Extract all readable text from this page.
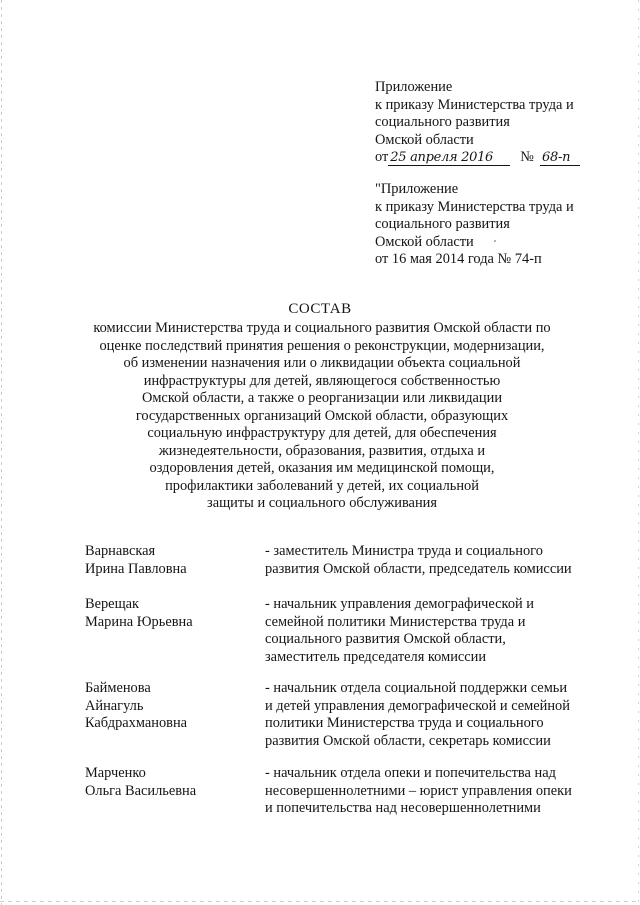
Приложение
к приказу Министерства труда и
социального развития
Омской области
от 25 апреля 2016 № 68-п
"Приложение
к приказу Министерства труда и
социального развития
Омской области
от 16 мая 2014 года № 74-п
СОСТАВ
комиссии Министерства труда и социального развития Омской области по
оценке последствий принятия решения о реконструкции, модернизации,
об изменении назначения или о ликвидации объекта социальной
инфраструктуры для детей, являющегося собственностью
Омской области, а также о реорганизации или ликвидации
государственных организаций Омской области, образующих
социальную инфраструктуру для детей, для обеспечения
жизнедеятельности, образования, развития, отдыха и
оздоровления детей, оказания им медицинской помощи,
профилактики заболеваний у детей, их социальной
защиты и социального обслуживания
Варнавская
Ирина Павловна
- заместитель Министра труда и социального
развития Омской области, председатель комиссии
Верещак
Марина Юрьевна
- начальник управления демографической и
семейной политики Министерства труда и
социального развития Омской области,
заместитель председателя комиссии
Байменова
Айнагуль
Кабдрахмановна
- начальник отдела социальной поддержки семьи
и детей управления демографической и семейной
политики Министерства труда и социального
развития Омской области, секретарь комиссии
Марченко
Ольга Васильевна
- начальник отдела опеки и попечительства над
несовершеннолетними – юрист управления опеки
и попечительства над несовершеннолетними
